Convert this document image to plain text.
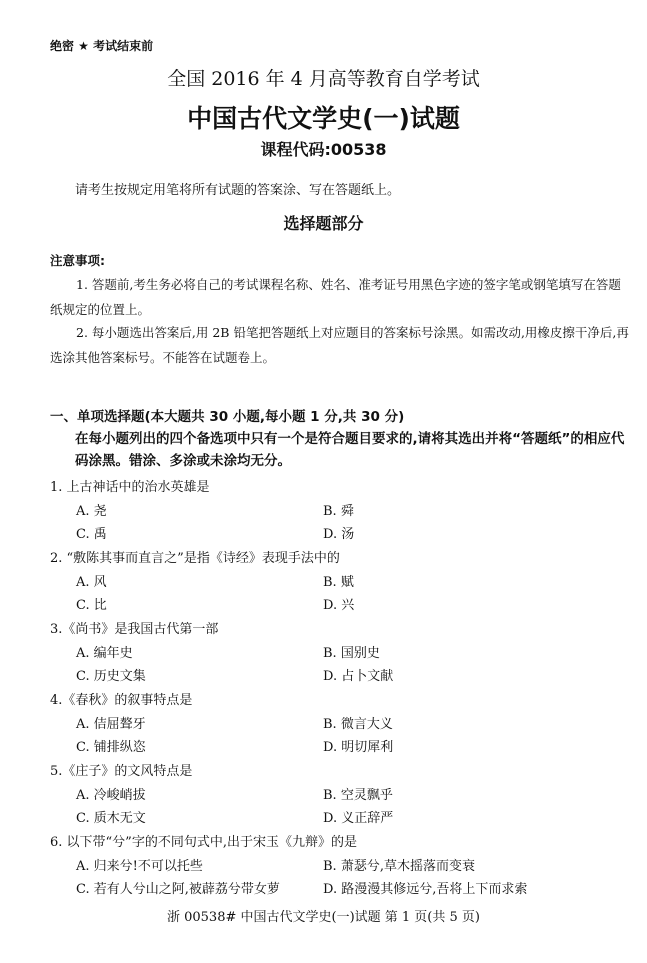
绝密 ★ 考试结束前
全国 2016 年 4 月高等教育自学考试
中国古代文学史(一)试题
课程代码:00538
请考生按规定用笔将所有试题的答案涂、写在答题纸上。
选择题部分
注意事项:
1. 答题前,考生务必将自己的考试课程名称、姓名、准考证号用黑色字迹的签字笔或钢笔填写在答题纸规定的位置上。
2. 每小题选出答案后,用 2B 铅笔把答题纸上对应题目的答案标号涂黑。如需改动,用橡皮擦干净后,再选涂其他答案标号。不能答在试题卷上。
一、单项选择题(本大题共 30 小题,每小题 1 分,共 30 分)
在每小题列出的四个备选项中只有一个是符合题目要求的,请将其选出并将“答题纸”的相应代码涂黑。错涂、多涂或未涂均无分。
1. 上古神话中的治水英雄是
A. 尧	B. 舜
C. 禹	D. 汤
2. “敷陈其事而直言之”是指《诗经》表现手法中的
A. 风	B. 赋
C. 比	D. 兴
3.《尚书》是我国古代第一部
A. 编年史	B. 国别史
C. 历史文集	D. 占卜文献
4.《春秋》的叙事特点是
A. 佶屈聱牙	B. 微言大义
C. 铺排纵恣	D. 明切犀利
5.《庄子》的文风特点是
A. 冷峻峭拔	B. 空灵飘乎
C. 质木无文	D. 义正辞严
6. 以下带“兮”字的不同句式中,出于宋玉《九辩》的是
A. 归来兮!不可以托些	B. 萧瑟兮,草木摇落而变衰
C. 若有人兮山之阿,被薜荔兮带女萝	D. 路漫漫其修远兮,吾将上下而求索
浙 00538# 中国古代文学史(一)试题 第 1 页(共 5 页)
